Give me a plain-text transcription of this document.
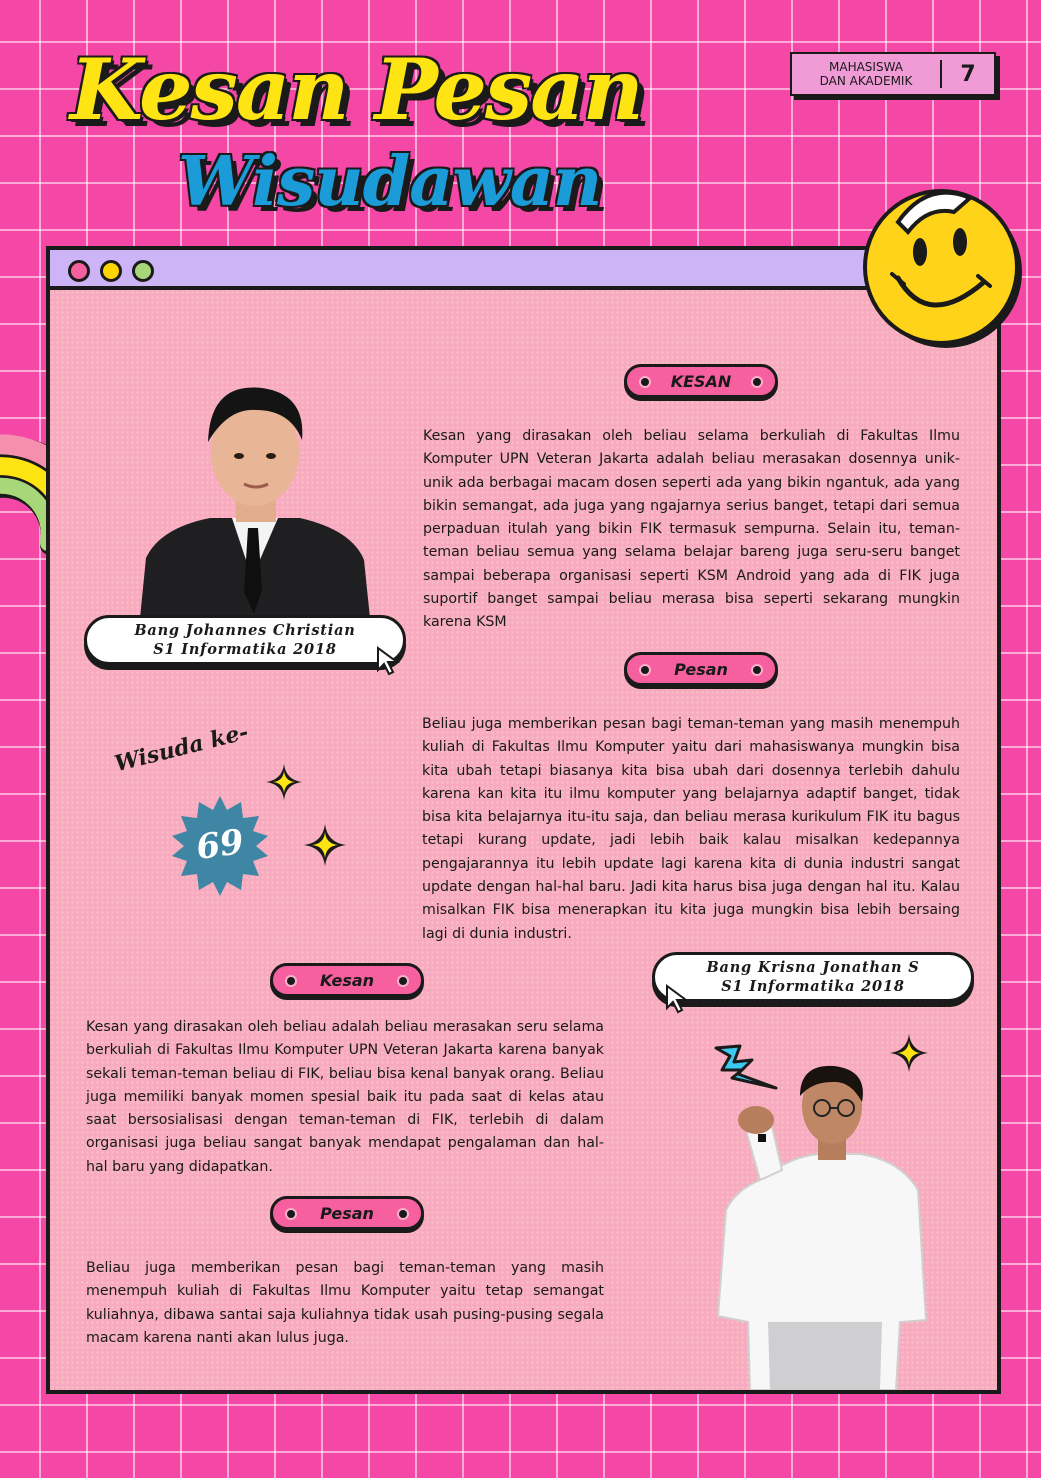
Kesan Pesan
Wisudawan
MAHASISWA
DAN AKADEMIK	7
Bang Johannes Christian
S1 Informatika 2018
KESAN
Kesan yang dirasakan oleh beliau selama berkuliah di Fakultas Ilmu Komputer UPN Veteran Jakarta adalah beliau merasakan dosennya unik-unik ada berbagai macam dosen seperti ada yang bikin ngantuk, ada yang bikin semangat, ada juga yang ngajarnya serius banget, tetapi dari semua perpaduan itulah yang bikin FIK termasuk sempurna. Selain itu, teman-teman beliau semua yang selama belajar bareng juga seru-seru banget sampai beberapa organisasi seperti KSM Android yang ada di FIK juga suportif banget sampai beliau merasa bisa seperti sekarang mungkin karena KSM
Pesan
Beliau juga memberikan pesan bagi teman-teman yang masih menempuh kuliah di Fakultas Ilmu Komputer yaitu dari mahasiswanya mungkin bisa kita ubah tetapi biasanya kita bisa ubah dari dosennya terlebih dahulu karena kan kita itu ilmu komputer yang belajarnya adaptif banget, tidak bisa kita belajarnya itu-itu saja, dan beliau merasa kurikulum FIK itu bagus tetapi kurang update, jadi lebih baik kalau misalkan kedepannya pengajarannya itu lebih update lagi karena kita di dunia industri sangat update dengan hal-hal baru. Jadi kita harus bisa juga dengan hal itu. Kalau misalkan FIK bisa menerapkan itu kita juga mungkin bisa lebih bersaing lagi di dunia industri.
Wisuda ke-
69
Bang Krisna Jonathan S
S1 Informatika 2018
Kesan
Kesan yang dirasakan oleh beliau adalah beliau merasakan seru selama berkuliah di Fakultas Ilmu Komputer UPN Veteran Jakarta karena banyak sekali teman-teman beliau di FIK, beliau bisa kenal banyak orang. Beliau juga memiliki banyak momen spesial baik itu pada saat di kelas atau saat bersosialisasi dengan teman-teman di FIK, terlebih di dalam organisasi juga beliau sangat banyak mendapat pengalaman dan hal-hal baru yang didapatkan.
Pesan
Beliau juga memberikan pesan bagi teman-teman yang masih menempuh kuliah di Fakultas Ilmu Komputer yaitu tetap semangat kuliahnya, dibawa santai saja kuliahnya tidak usah pusing-pusing segala macam karena nanti akan lulus juga.
